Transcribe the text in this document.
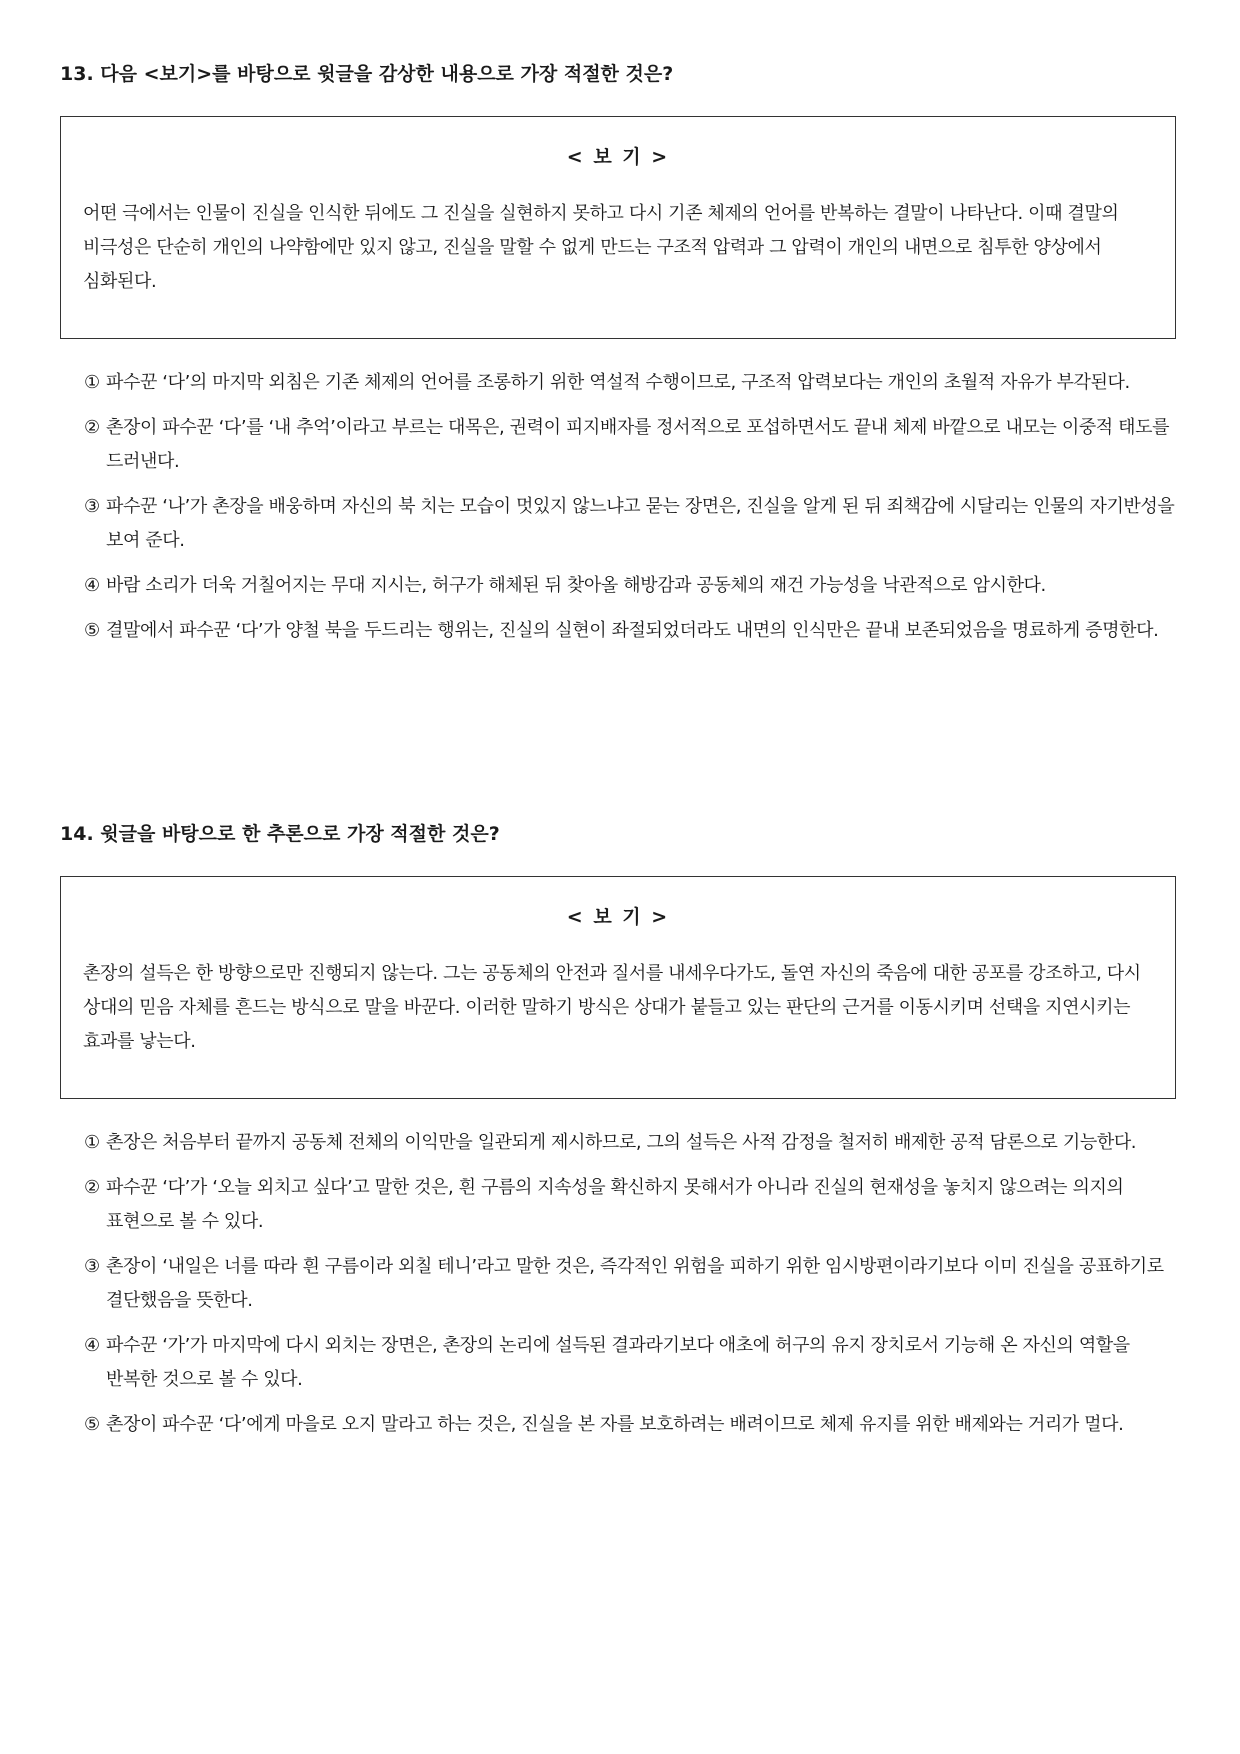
13. 다음 <보기>를 바탕으로 윗글을 감상한 내용으로 가장 적절한 것은?
< 보 기 >
어떤 극에서는 인물이 진실을 인식한 뒤에도 그 진실을 실현하지 못하고 다시 기존 체제의 언어를 반복하는 결말이 나타난다. 이때 결말의 비극성은 단순히 개인의 나약함에만 있지 않고, 진실을 말할 수 없게 만드는 구조적 압력과 그 압력이 개인의 내면으로 침투한 양상에서 심화된다.
① 파수꾼 ‘다’의 마지막 외침은 기존 체제의 언어를 조롱하기 위한 역설적 수행이므로, 구조적 압력보다는 개인의 초월적 자유가 부각된다.
② 촌장이 파수꾼 ‘다’를 ‘내 추억’이라고 부르는 대목은, 권력이 피지배자를 정서적으로 포섭하면서도 끝내 체제 바깥으로 내모는 이중적 태도를 드러낸다.
③ 파수꾼 ‘나’가 촌장을 배웅하며 자신의 북 치는 모습이 멋있지 않느냐고 묻는 장면은, 진실을 알게 된 뒤 죄책감에 시달리는 인물의 자기반성을 보여 준다.
④ 바람 소리가 더욱 거칠어지는 무대 지시는, 허구가 해체된 뒤 찾아올 해방감과 공동체의 재건 가능성을 낙관적으로 암시한다.
⑤ 결말에서 파수꾼 ‘다’가 양철 북을 두드리는 행위는, 진실의 실현이 좌절되었더라도 내면의 인식만은 끝내 보존되었음을 명료하게 증명한다.
14. 윗글을 바탕으로 한 추론으로 가장 적절한 것은?
< 보 기 >
촌장의 설득은 한 방향으로만 진행되지 않는다. 그는 공동체의 안전과 질서를 내세우다가도, 돌연 자신의 죽음에 대한 공포를 강조하고, 다시 상대의 믿음 자체를 흔드는 방식으로 말을 바꾼다. 이러한 말하기 방식은 상대가 붙들고 있는 판단의 근거를 이동시키며 선택을 지연시키는 효과를 낳는다.
① 촌장은 처음부터 끝까지 공동체 전체의 이익만을 일관되게 제시하므로, 그의 설득은 사적 감정을 철저히 배제한 공적 담론으로 기능한다.
② 파수꾼 ‘다’가 ‘오늘 외치고 싶다’고 말한 것은, 흰 구름의 지속성을 확신하지 못해서가 아니라 진실의 현재성을 놓치지 않으려는 의지의 표현으로 볼 수 있다.
③ 촌장이 ‘내일은 너를 따라 흰 구름이라 외칠 테니’라고 말한 것은, 즉각적인 위험을 피하기 위한 임시방편이라기보다 이미 진실을 공표하기로 결단했음을 뜻한다.
④ 파수꾼 ‘가’가 마지막에 다시 외치는 장면은, 촌장의 논리에 설득된 결과라기보다 애초에 허구의 유지 장치로서 기능해 온 자신의 역할을 반복한 것으로 볼 수 있다.
⑤ 촌장이 파수꾼 ‘다’에게 마을로 오지 말라고 하는 것은, 진실을 본 자를 보호하려는 배려이므로 체제 유지를 위한 배제와는 거리가 멀다.
